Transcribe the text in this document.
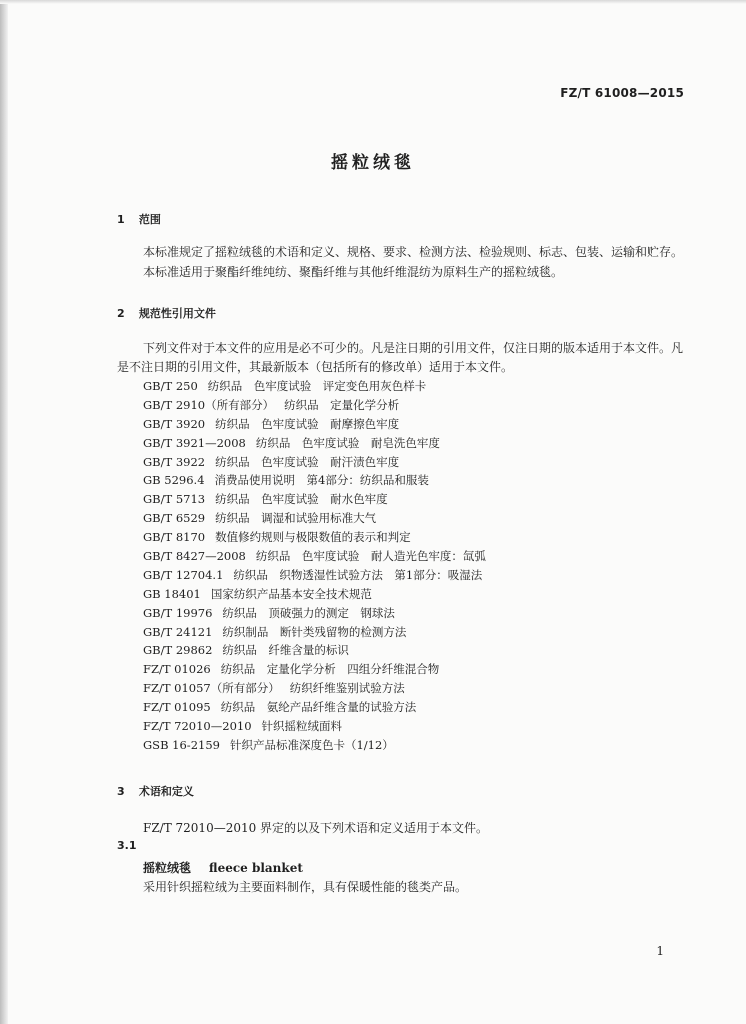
FZ/T 61008—2015
摇粒绒毯
1 范围
本标准规定了摇粒绒毯的术语和定义、规格、要求、检测方法、检验规则、标志、包装、运输和贮存。
本标准适用于聚酯纤维纯纺、聚酯纤维与其他纤维混纺为原料生产的摇粒绒毯。
2 规范性引用文件
下列文件对于本文件的应用是必不可少的。凡是注日期的引用文件，仅注日期的版本适用于本文件。凡是不注日期的引用文件，其最新版本（包括所有的修改单）适用于本文件。
GB/T 250 纺织品　色牢度试验　评定变色用灰色样卡
GB/T 2910（所有部分） 纺织品　定量化学分析
GB/T 3920 纺织品　色牢度试验　耐摩擦色牢度
GB/T 3921—2008 纺织品　色牢度试验　耐皂洗色牢度
GB/T 3922 纺织品　色牢度试验　耐汗渍色牢度
GB 5296.4 消费品使用说明　第4部分：纺织品和服装
GB/T 5713 纺织品　色牢度试验　耐水色牢度
GB/T 6529 纺织品　调湿和试验用标准大气
GB/T 8170 数值修约规则与极限数值的表示和判定
GB/T 8427—2008 纺织品　色牢度试验　耐人造光色牢度：氙弧
GB/T 12704.1 纺织品　织物透湿性试验方法　第1部分：吸湿法
GB 18401 国家纺织产品基本安全技术规范
GB/T 19976 纺织品　顶破强力的测定　钢球法
GB/T 24121 纺织制品　断针类残留物的检测方法
GB/T 29862 纺织品　纤维含量的标识
FZ/T 01026 纺织品　定量化学分析　四组分纤维混合物
FZ/T 01057（所有部分） 纺织纤维鉴别试验方法
FZ/T 01095 纺织品　氨纶产品纤维含量的试验方法
FZ/T 72010—2010 针织摇粒绒面料
GSB 16-2159 针织产品标准深度色卡（1/12）
3 术语和定义
FZ/T 72010—2010 界定的以及下列术语和定义适用于本文件。
3.1
摇粒绒毯 fleece blanket
采用针织摇粒绒为主要面料制作，具有保暖性能的毯类产品。
1
